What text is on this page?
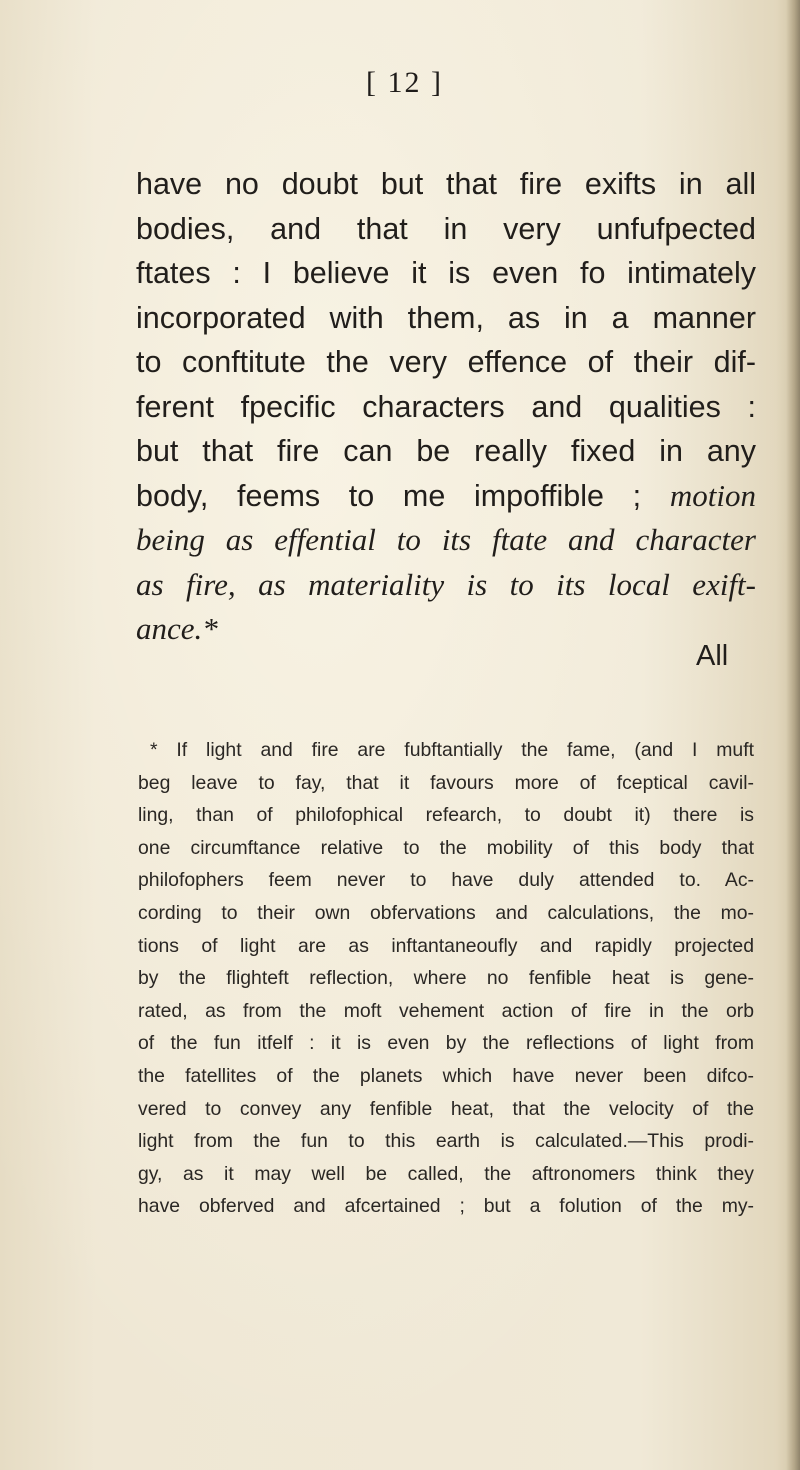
[ 12 ]

have no doubt but that fire exifts in all
bodies, and that in very unfufpected
ftates : I believe it is even fo intimately
incorporated with them, as in a manner
to conftitute the very effence of their dif-
ferent fpecific characters and qualities :
but that fire can be really fixed in any
body, feems to me impoffible ; motion
being as effential to its ftate and character
as fire, as materiality is to its local exift-
ance.*

All

* If light and fire are fubftantially the fame, (and I muft
beg leave to fay, that it favours more of fceptical cavil-
ling, than of philofophical refearch, to doubt it) there is
one circumftance relative to the mobility of this body that
philofophers feem never to have duly attended to. Ac-
cording to their own obfervations and calculations, the mo-
tions of light are as inftantaneoufly and rapidly projected
by the flighteft reflection, where no fenfible heat is gene-
rated, as from the moft vehement action of fire in the orb
of the fun itfelf : it is even by the reflections of light from
the fatellites of the planets which have never been difco-
vered to convey any fenfible heat, that the velocity of the
light from the fun to this earth is calculated.—This prodi-
gy, as it may well be called, the aftronomers think they
have obferved and afcertained ; but a folution of the my-
